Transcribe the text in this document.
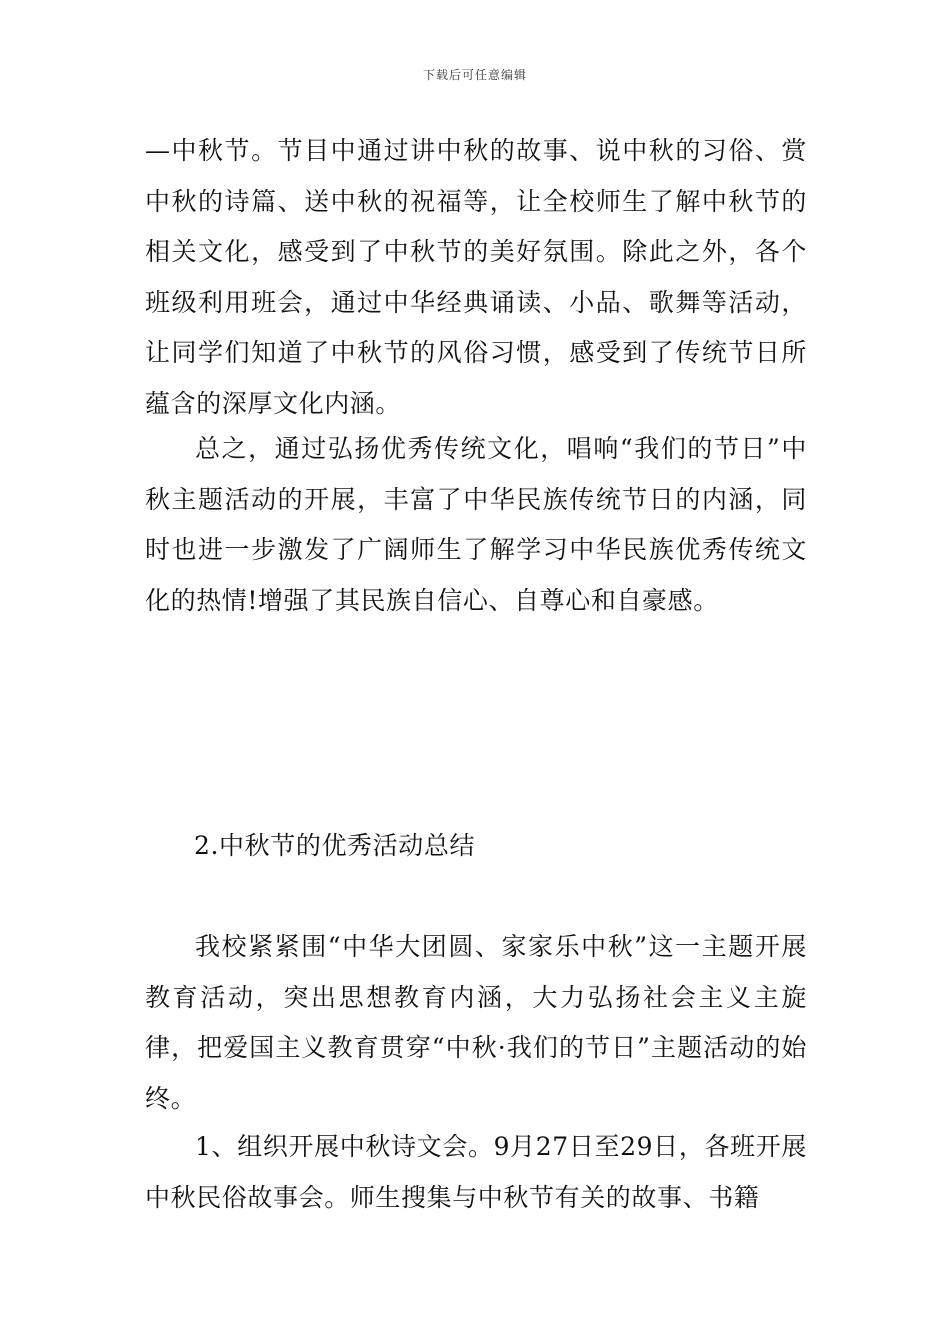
下载后可任意编辑

—中秋节。节目中通过讲中秋的故事、说中秋的习俗、赏中秋的诗篇、送中秋的祝福等，让全校师生了解中秋节的相关文化，感受到了中秋节的美好氛围。除此之外，各个班级利用班会，通过中华经典诵读、小品、歌舞等活动，让同学们知道了中秋节的风俗习惯，感受到了传统节日所蕴含的深厚文化内涵。

总之，通过弘扬优秀传统文化，唱响“我们的节日”中秋主题活动的开展，丰富了中华民族传统节日的内涵，同时也进一步激发了广阔师生了解学习中华民族优秀传统文化的热情!增强了其民族自信心、自尊心和自豪感。

2.中秋节的优秀活动总结

我校紧紧围“中华大团圆、家家乐中秋”这一主题开展教育活动，突出思想教育内涵，大力弘扬社会主义主旋律，把爱国主义教育贯穿“中秋·我们的节日”主题活动的始终。

1、组织开展中秋诗文会。9月27日至29日，各班开展中秋民俗故事会。师生搜集与中秋节有关的故事、书籍
